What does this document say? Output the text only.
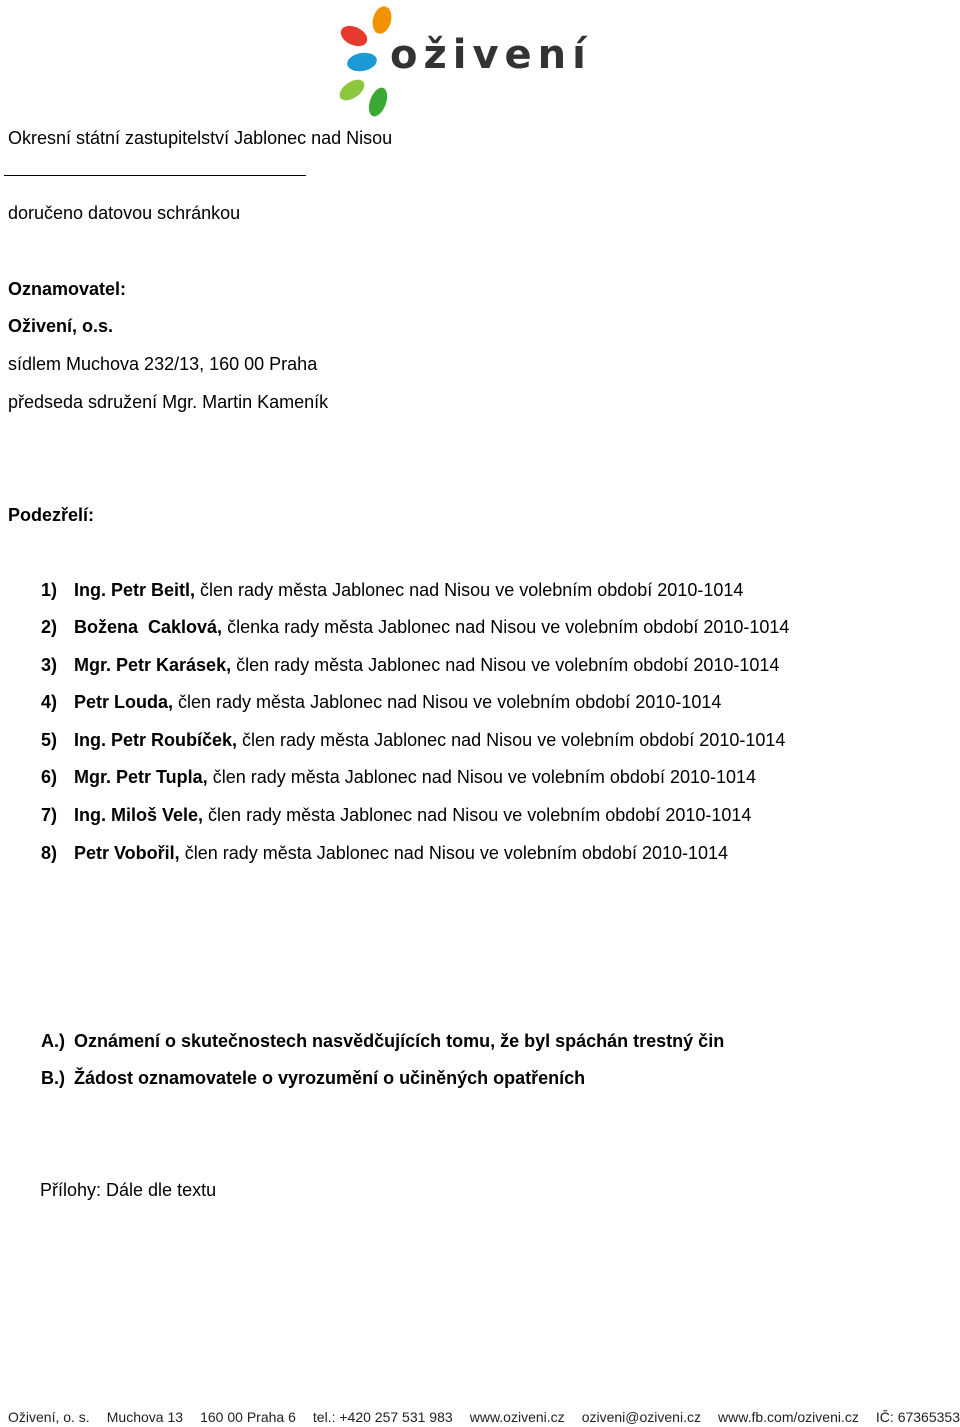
oživení
Okresní státní zastupitelství Jablonec nad Nisou
doručeno datovou schránkou
Oznamovatel:
Oživení, o.s.
sídlem Muchova 232/13, 160 00 Praha
předseda sdružení Mgr. Martin Kameník
Podezřelí:
1) Ing. Petr Beitl, člen rady města Jablonec nad Nisou ve volebním období 2010-1014
2) Božena  Caklová, členka rady města Jablonec nad Nisou ve volebním období 2010-1014
3) Mgr. Petr Karásek, člen rady města Jablonec nad Nisou ve volebním období 2010-1014
4) Petr Louda, člen rady města Jablonec nad Nisou ve volebním období 2010-1014
5) Ing. Petr Roubíček, člen rady města Jablonec nad Nisou ve volebním období 2010-1014
6) Mgr. Petr Tupla, člen rady města Jablonec nad Nisou ve volebním období 2010-1014
7) Ing. Miloš Vele, člen rady města Jablonec nad Nisou ve volebním období 2010-1014
8) Petr Vobořil, člen rady města Jablonec nad Nisou ve volebním období 2010-1014
A.) Oznámení o skutečnostech nasvědčujících tomu, že byl spáchán trestný čin
B.) Žádost oznamovatele o vyrozumění o učiněných opatřeních
Přílohy: Dále dle textu
Oživení, o. s. Muchova 13 160 00 Praha 6 tel.: +420 257 531 983 www.oziveni.cz oziveni@oziveni.cz www.fb.com/oziveni.cz IČ: 67365353
